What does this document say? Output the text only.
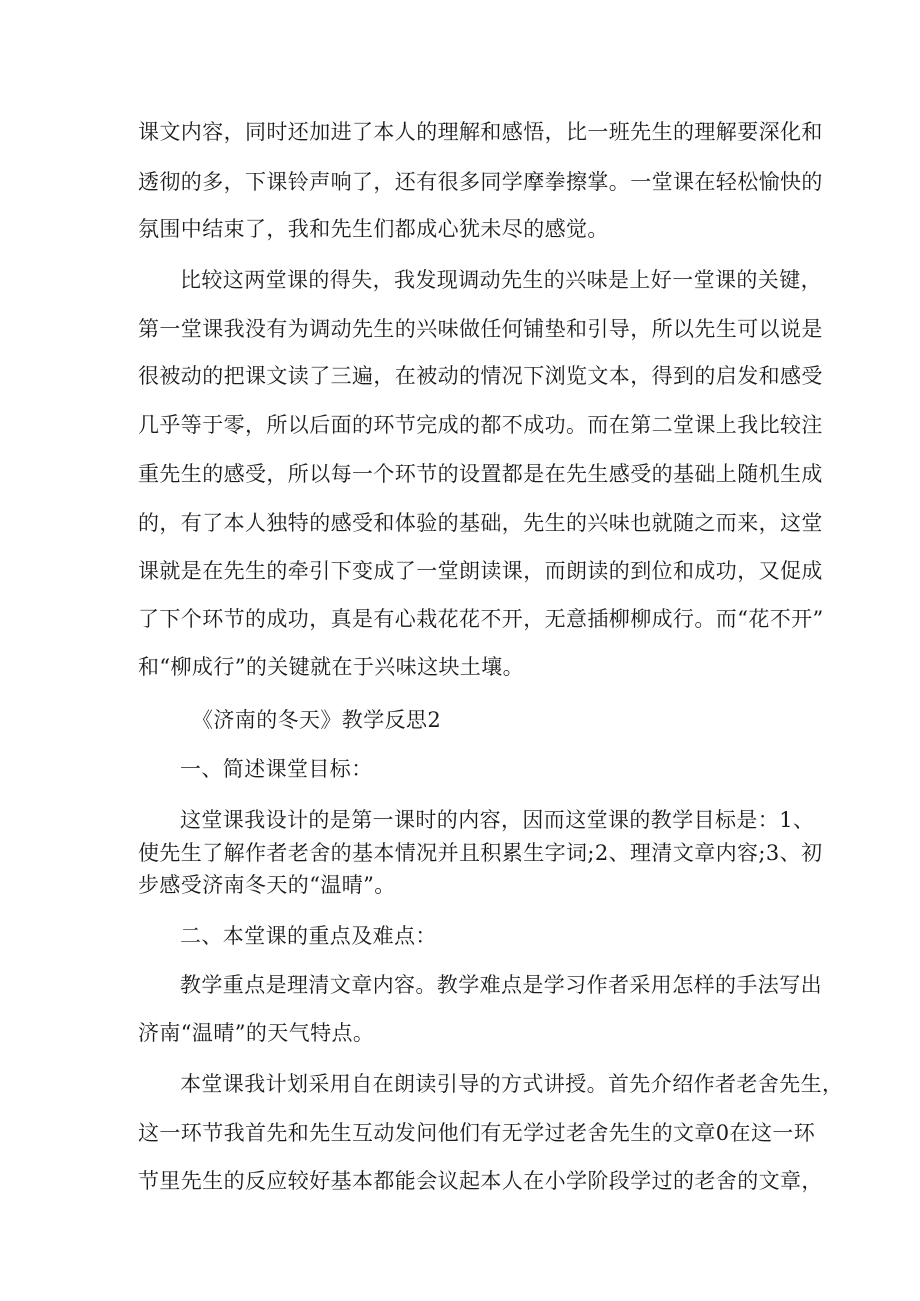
课文内容，同时还加进了本人的理解和感悟，比一班先生的理解要深化和
透彻的多，下课铃声响了，还有很多同学摩拳擦掌。一堂课在轻松愉快的
氛围中结束了，我和先生们都成心犹未尽的感觉。
比较这两堂课的得失，我发现调动先生的兴味是上好一堂课的关键，
第一堂课我没有为调动先生的兴味做任何铺垫和引导，所以先生可以说是
很被动的把课文读了三遍，在被动的情况下浏览文本，得到的启发和感受
几乎等于零，所以后面的环节完成的都不成功。而在第二堂课上我比较注
重先生的感受，所以每一个环节的设置都是在先生感受的基础上随机生成
的，有了本人独特的感受和体验的基础，先生的兴味也就随之而来，这堂
课就是在先生的牵引下变成了一堂朗读课，而朗读的到位和成功，又促成
了下个环节的成功，真是有心栽花花不开，无意插柳柳成行。而“花不开”
和“柳成行”的关键就在于兴味这块土壤。
《济南的冬天》教学反思2
一、简述课堂目标：
这堂课我设计的是第一课时的内容，因而这堂课的教学目标是：1、
使先生了解作者老舍的基本情况并且积累生字词;2、理清文章内容;3、初
步感受济南冬天的“温晴”。
二、本堂课的重点及难点：
教学重点是理清文章内容。教学难点是学习作者采用怎样的手法写出
济南“温晴”的天气特点。
本堂课我计划采用自在朗读引导的方式讲授。首先介绍作者老舍先生，
这一环节我首先和先生互动发问他们有无学过老舍先生的文章0在这一环
节里先生的反应较好基本都能会议起本人在小学阶段学过的老舍的文章，
